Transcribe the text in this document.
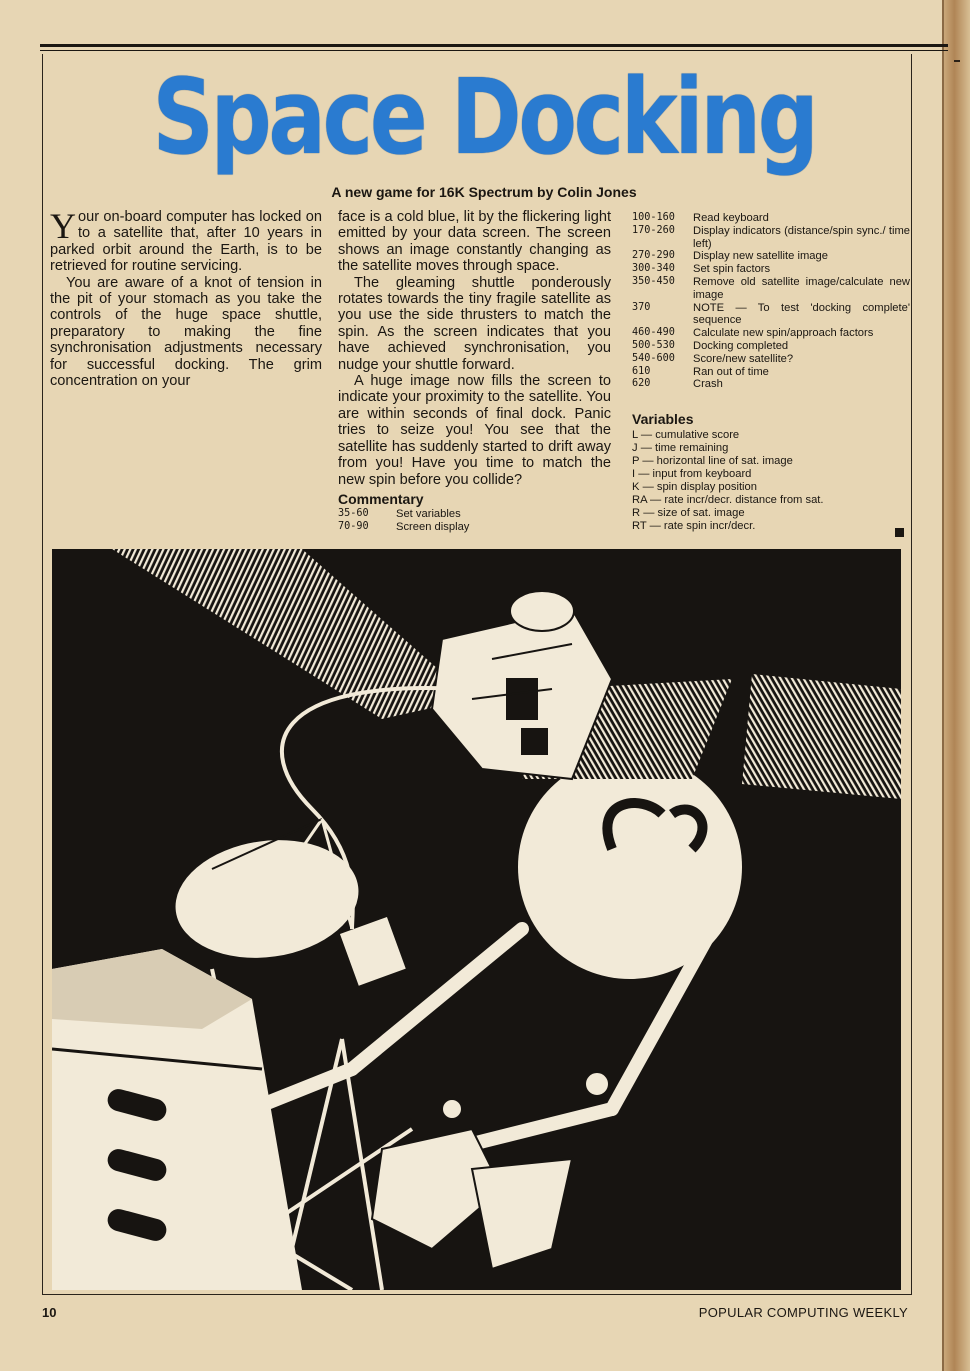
Space Docking
A new game for 16K Spectrum by Colin Jones

Your on-board computer has locked on to a satellite that, after 10 years in parked orbit around the Earth, is to be retrieved for routine servicing.

You are aware of a knot of tension in the pit of your stomach as you take the controls of the huge space shuttle, preparatory to making the fine synchronisation adjustments necessary for successful docking. The grim concentration on your

face is a cold blue, lit by the flickering light emitted by your data screen. The screen shows an image constantly changing as the satellite moves through space.

The gleaming shuttle ponderously rotates towards the tiny fragile satellite as you use the side thrusters to match the spin. As the screen indicates that you have achieved synchronisation, you nudge your shuttle forward.

A huge image now fills the screen to indicate your proximity to the satellite. You are within seconds of final dock. Panic tries to seize you! You see that the satellite has suddenly started to drift away from you! Have you time to match the new spin before you collide?

Commentary
35-60	Set variables
70-90	Screen display
100-160	Read keyboard
170-260	Display indicators (distance/spin sync./ time left)
270-290	Display new satellite image
300-340	Set spin factors
350-450	Remove old satellite image/calculate new image
370	NOTE — To test 'docking complete' sequence
460-490	Calculate new spin/approach factors
500-530	Docking completed
540-600	Score/new satellite?
610	Ran out of time
620	Crash
Variables
L — cumulative score
J — time remaining
P — horizontal line of sat. image
I — input from keyboard
K — spin display position
RA — rate incr/decr. distance from sat.
R — size of sat. image
RT — rate spin incr/decr.
10	POPULAR COMPUTING WEEKLY
